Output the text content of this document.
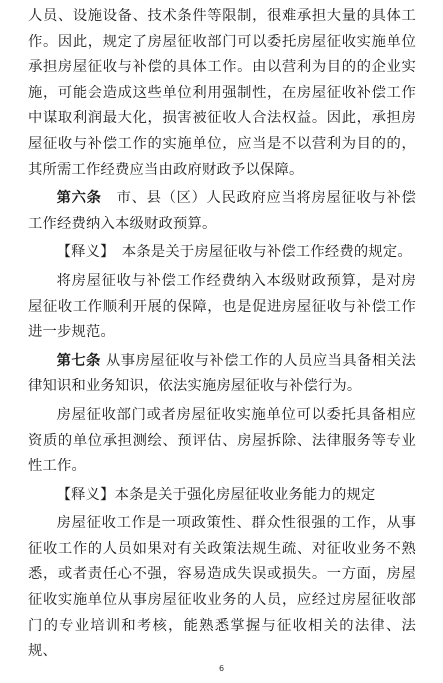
人员、设施设备、技术条件等限制，很难承担大量的具体工作。因此，规定了房屋征收部门可以委托房屋征收实施单位承担房屋征收与补偿的具体工作。由以营利为目的的企业实施，可能会造成这些单位利用强制性，在房屋征收补偿工作中谋取利润最大化，损害被征收人合法权益。因此，承担房屋征收与补偿工作的实施单位，应当是不以营利为目的的，其所需工作经费应当由政府财政予以保障。

第六条　市、县（区）人民政府应当将房屋征收与补偿工作经费纳入本级财政预算。

【释义】　本条是关于房屋征收与补偿工作经费的规定。

将房屋征收与补偿工作经费纳入本级财政预算，是对房屋征收工作顺利开展的保障，也是促进房屋征收与补偿工作进一步规范。

第七条 从事房屋征收与补偿工作的人员应当具备相关法律知识和业务知识，依法实施房屋征收与补偿行为。

房屋征收部门或者房屋征收实施单位可以委托具备相应资质的单位承担测绘、预评估、房屋拆除、法律服务等专业性工作。

【释义】本条是关于强化房屋征收业务能力的规定

房屋征收工作是一项政策性、群众性很强的工作，从事征收工作的人员如果对有关政策法规生疏、对征收业务不熟悉，或者责任心不强，容易造成失误或损失。一方面，房屋征收实施单位从事房屋征收业务的人员，应经过房屋征收部门的专业培训和考核，能熟悉掌握与征收相关的法律、法规、

6
